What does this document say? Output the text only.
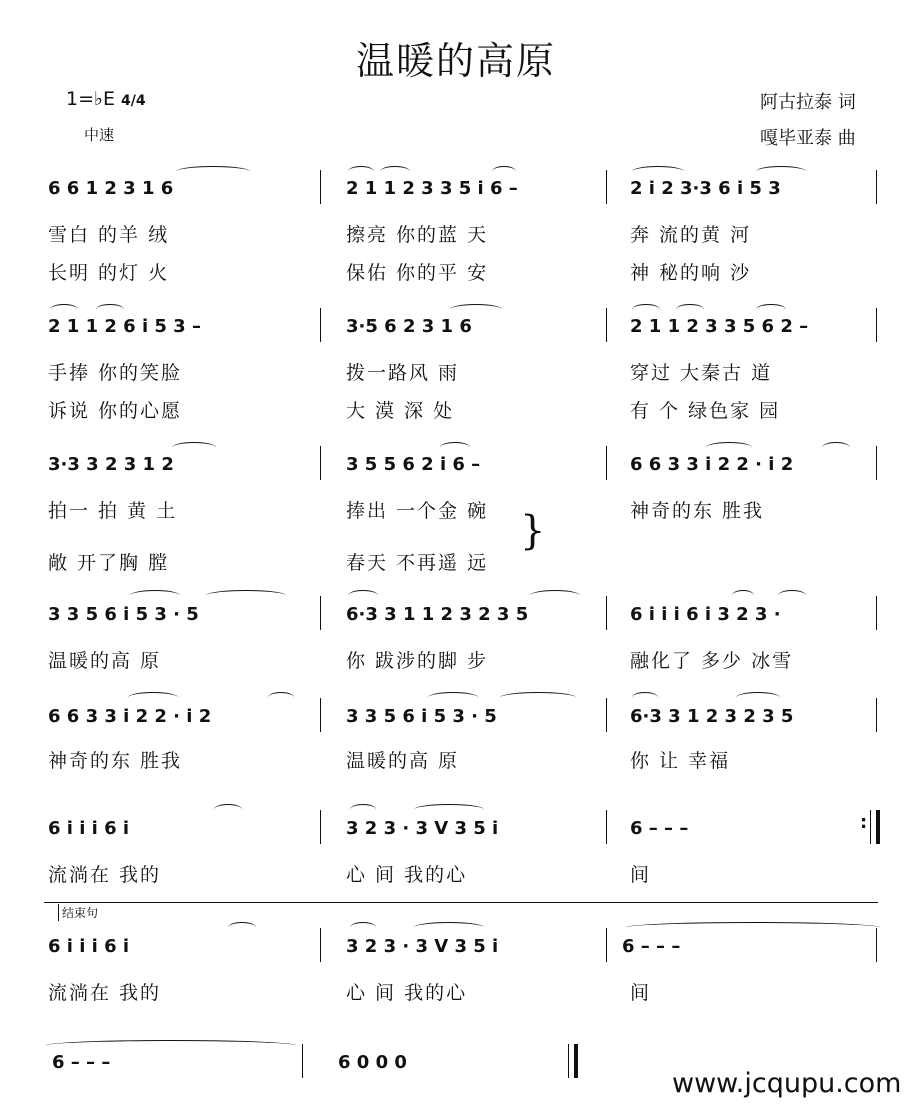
温暖的高原
1=♭E 4/4
中速
阿古拉泰 词
嘎毕亚泰 曲
6 6 1 2 3 1 6	2 1 1 2 3 3 5 i 6 –	2 i 2 3·3 6 i 5 3
雪白 的羊 绒	擦亮 你的蓝 天	奔 流的黄 河
长明 的灯 火	保佑 你的平 安	神 秘的响 沙
2 1 1 2 6 i 5 3 –	3·5 6 2 3 1 6	2 1 1 2 3 3 5 6 2 –
手捧 你的笑脸	拨一路风 雨	穿过 大秦古 道
诉说 你的心愿	大 漠 深 处	有 个 绿色家 园
3·3 3 2 3 1 2	3 5 5 6 2 i 6 –	6 6 3 3 i 2 2 · i 2
拍一 拍 黄 土	捧出 一个金 碗	神奇的东 胜我
敞 开了胸 膛	春天 不再遥 远
}
3 3 5 6 i 5 3 · 5	6·3 3 1 1 2 3 2 3 5	6 i i i 6 i 3 2 3 ·
温暖的高 原	你 跋涉的脚 步	融化了 多少 冰雪
6 6 3 3 i 2 2 · i 2	3 3 5 6 i 5 3 · 5	6·3 3 1 2 3 2 3 5
神奇的东 胜我	温暖的高 原	你 让 幸福
6 i i i 6 i	3 2 3 · 3 V 3 5 i	6 – – –	:
流淌在 我的	心 间 我的心	间
结束句
6 i i i 6 i	3 2 3 · 3 V 3 5 i	6 – – –
流淌在 我的	心 间 我的心	间
6 – – –	6 0 0 0
www.jcqupu.com
